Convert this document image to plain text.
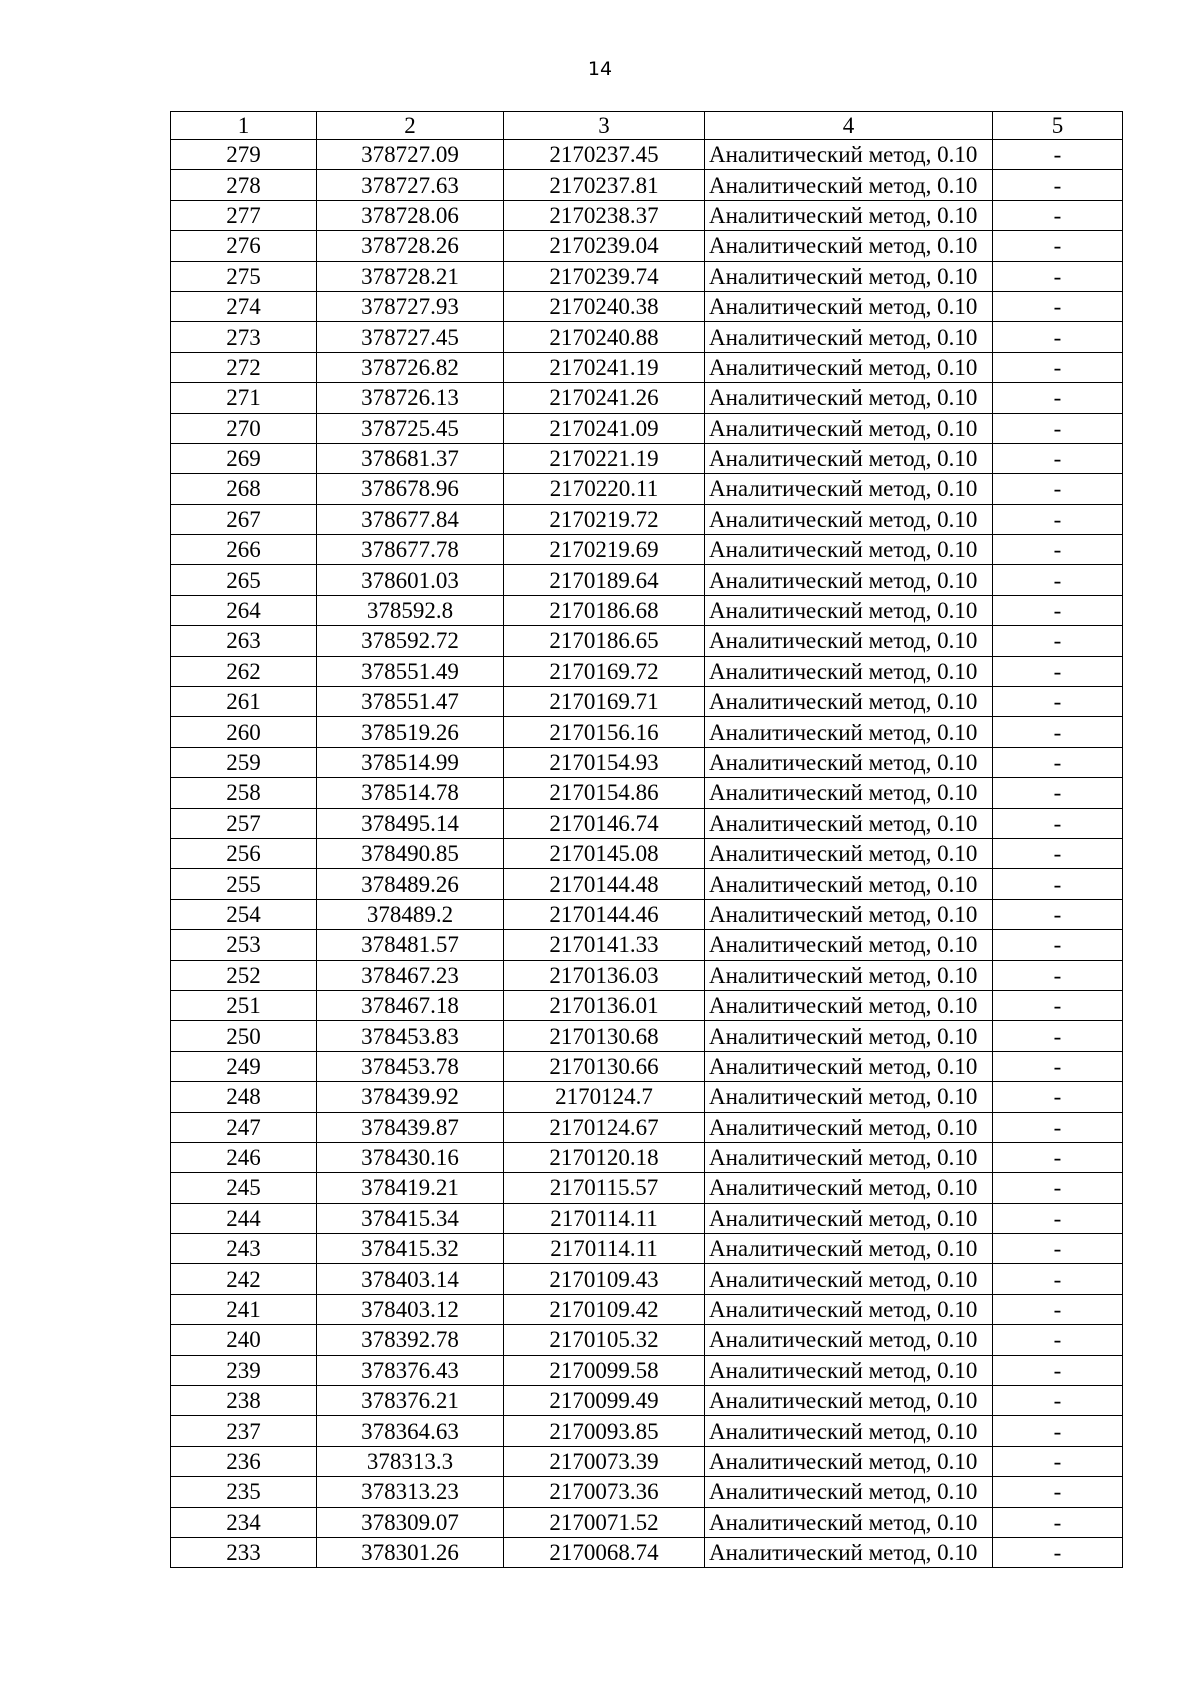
14
1	2	3	4	5
279	378727.09	2170237.45	Аналитический метод, 0.10	-
278	378727.63	2170237.81	Аналитический метод, 0.10	-
277	378728.06	2170238.37	Аналитический метод, 0.10	-
276	378728.26	2170239.04	Аналитический метод, 0.10	-
275	378728.21	2170239.74	Аналитический метод, 0.10	-
274	378727.93	2170240.38	Аналитический метод, 0.10	-
273	378727.45	2170240.88	Аналитический метод, 0.10	-
272	378726.82	2170241.19	Аналитический метод, 0.10	-
271	378726.13	2170241.26	Аналитический метод, 0.10	-
270	378725.45	2170241.09	Аналитический метод, 0.10	-
269	378681.37	2170221.19	Аналитический метод, 0.10	-
268	378678.96	2170220.11	Аналитический метод, 0.10	-
267	378677.84	2170219.72	Аналитический метод, 0.10	-
266	378677.78	2170219.69	Аналитический метод, 0.10	-
265	378601.03	2170189.64	Аналитический метод, 0.10	-
264	378592.8	2170186.68	Аналитический метод, 0.10	-
263	378592.72	2170186.65	Аналитический метод, 0.10	-
262	378551.49	2170169.72	Аналитический метод, 0.10	-
261	378551.47	2170169.71	Аналитический метод, 0.10	-
260	378519.26	2170156.16	Аналитический метод, 0.10	-
259	378514.99	2170154.93	Аналитический метод, 0.10	-
258	378514.78	2170154.86	Аналитический метод, 0.10	-
257	378495.14	2170146.74	Аналитический метод, 0.10	-
256	378490.85	2170145.08	Аналитический метод, 0.10	-
255	378489.26	2170144.48	Аналитический метод, 0.10	-
254	378489.2	2170144.46	Аналитический метод, 0.10	-
253	378481.57	2170141.33	Аналитический метод, 0.10	-
252	378467.23	2170136.03	Аналитический метод, 0.10	-
251	378467.18	2170136.01	Аналитический метод, 0.10	-
250	378453.83	2170130.68	Аналитический метод, 0.10	-
249	378453.78	2170130.66	Аналитический метод, 0.10	-
248	378439.92	2170124.7	Аналитический метод, 0.10	-
247	378439.87	2170124.67	Аналитический метод, 0.10	-
246	378430.16	2170120.18	Аналитический метод, 0.10	-
245	378419.21	2170115.57	Аналитический метод, 0.10	-
244	378415.34	2170114.11	Аналитический метод, 0.10	-
243	378415.32	2170114.11	Аналитический метод, 0.10	-
242	378403.14	2170109.43	Аналитический метод, 0.10	-
241	378403.12	2170109.42	Аналитический метод, 0.10	-
240	378392.78	2170105.32	Аналитический метод, 0.10	-
239	378376.43	2170099.58	Аналитический метод, 0.10	-
238	378376.21	2170099.49	Аналитический метод, 0.10	-
237	378364.63	2170093.85	Аналитический метод, 0.10	-
236	378313.3	2170073.39	Аналитический метод, 0.10	-
235	378313.23	2170073.36	Аналитический метод, 0.10	-
234	378309.07	2170071.52	Аналитический метод, 0.10	-
233	378301.26	2170068.74	Аналитический метод, 0.10	-
